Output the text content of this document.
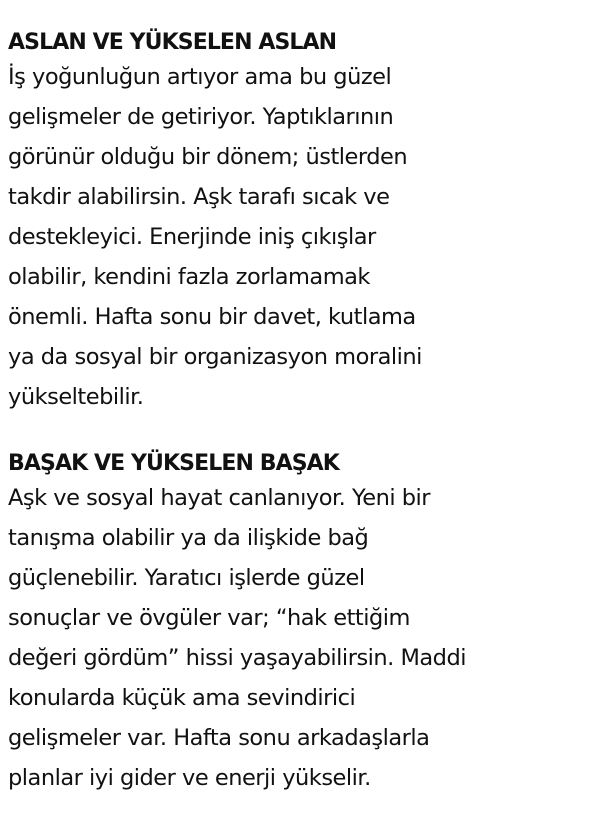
ASLAN VE YÜKSELEN ASLAN
İş yoğunluğun artıyor ama bu güzel
gelişmeler de getiriyor. Yaptıklarının
görünür olduğu bir dönem; üstlerden
takdir alabilirsin. Aşk tarafı sıcak ve
destekleyici. Enerjinde iniş çıkışlar
olabilir, kendini fazla zorlamamak
önemli. Hafta sonu bir davet, kutlama
ya da sosyal bir organizasyon moralini
yükseltebilir.
BAŞAK VE YÜKSELEN BAŞAK
Aşk ve sosyal hayat canlanıyor. Yeni bir
tanışma olabilir ya da ilişkide bağ
güçlenebilir. Yaratıcı işlerde güzel
sonuçlar ve övgüler var; “hak ettiğim
değeri gördüm” hissi yaşayabilirsin. Maddi
konularda küçük ama sevindirici
gelişmeler var. Hafta sonu arkadaşlarla
planlar iyi gider ve enerji yükselir.
